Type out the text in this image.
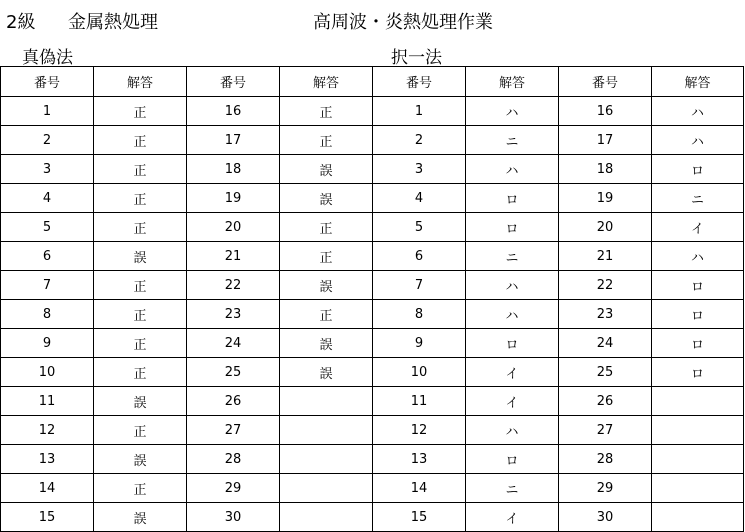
2級 金属熱処理	高周波・炎熱処理作業
真偽法	択一法
番号	解答	番号	解答	番号	解答	番号	解答
1	正	16	正	1	ハ	16	ハ
2	正	17	正	2	ニ	17	ハ
3	正	18	誤	3	ハ	18	ロ
4	正	19	誤	4	ロ	19	ニ
5	正	20	正	5	ロ	20	イ
6	誤	21	正	6	ニ	21	ハ
7	正	22	誤	7	ハ	22	ロ
8	正	23	正	8	ハ	23	ロ
9	正	24	誤	9	ロ	24	ロ
10	正	25	誤	10	イ	25	ロ
11	誤	26		11	イ	26	
12	正	27		12	ハ	27	
13	誤	28		13	ロ	28	
14	正	29		14	ニ	29	
15	誤	30		15	イ	30	
